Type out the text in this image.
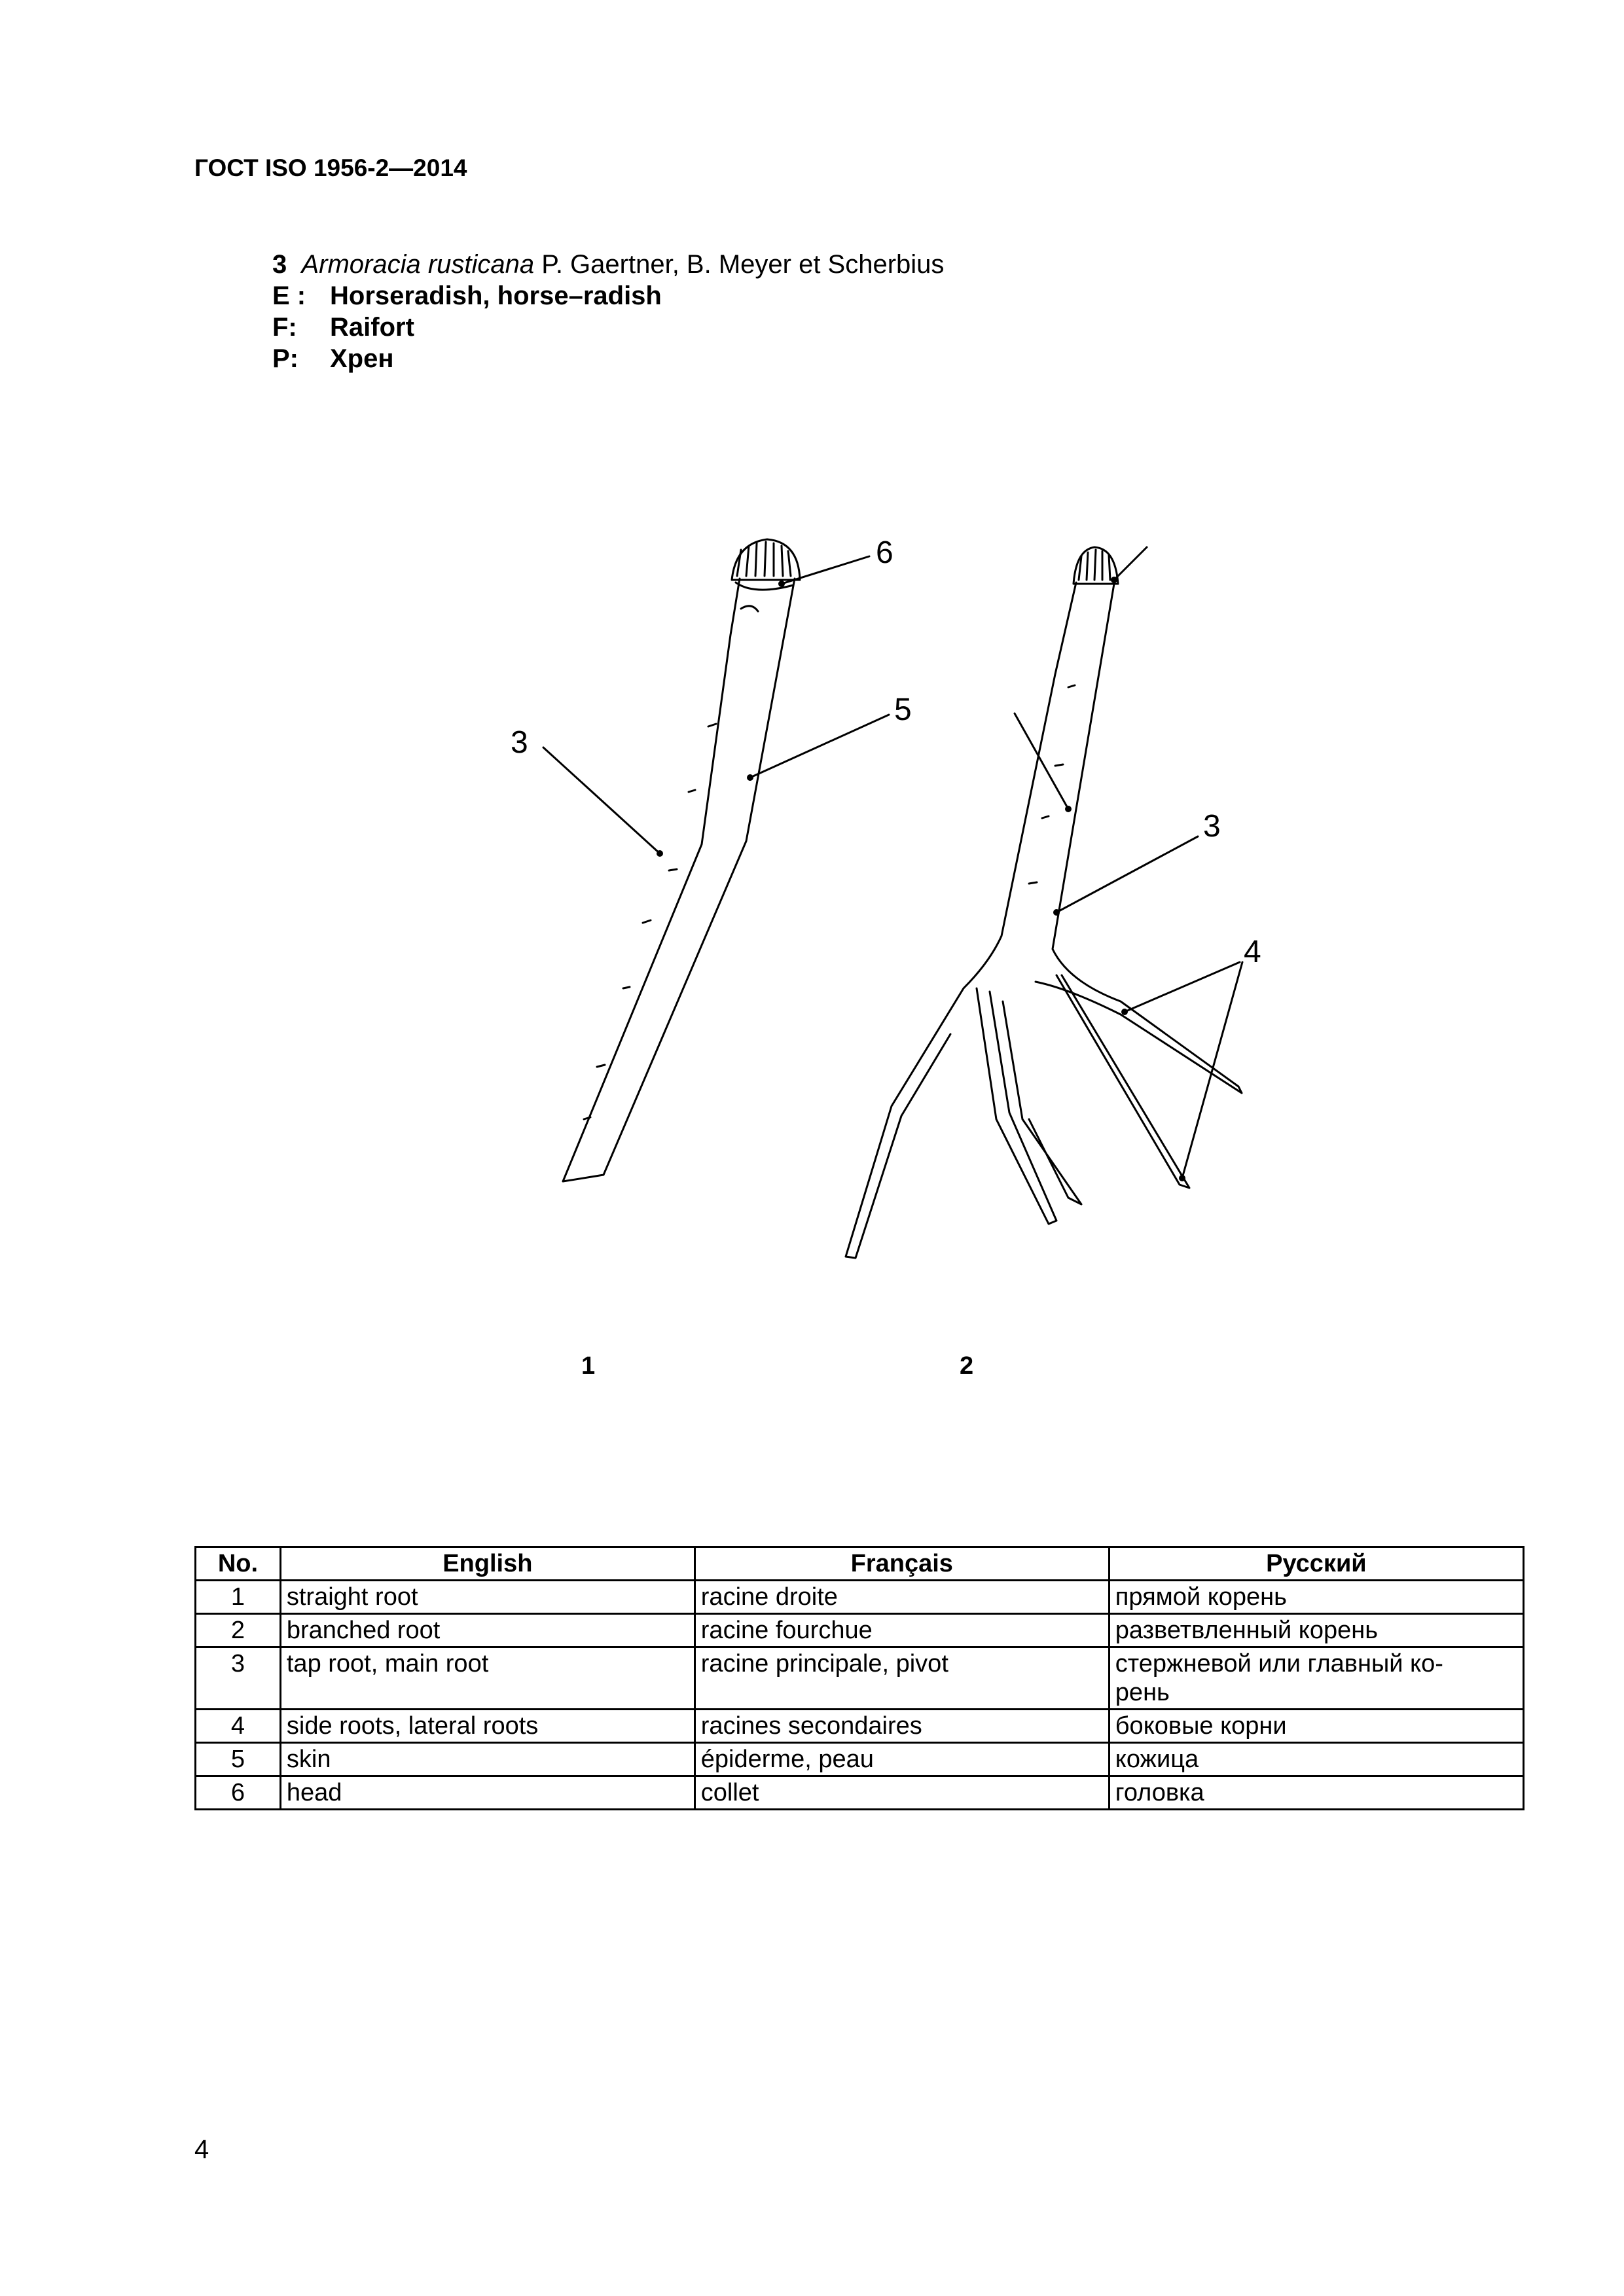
ГОСТ ISO 1956-2—2014
3 Armoracia rusticana P. Gaertner, B. Meyer et Scherbius
E : Horseradish, horse–radish
F: Raifort
P: Хрен
6
5
3
3
4
1	2
No.	English	Français	Русский
1	straight root	racine droite	прямой корень
2	branched root	racine fourchue	разветвленный корень
3	tap root, main root	racine principale, pivot	стержневой или главный ко-
рень
4	side roots, lateral roots	racines secondaires	боковые корни
5	skin	épiderme, peau	кожица
6	head	collet	головка
4
